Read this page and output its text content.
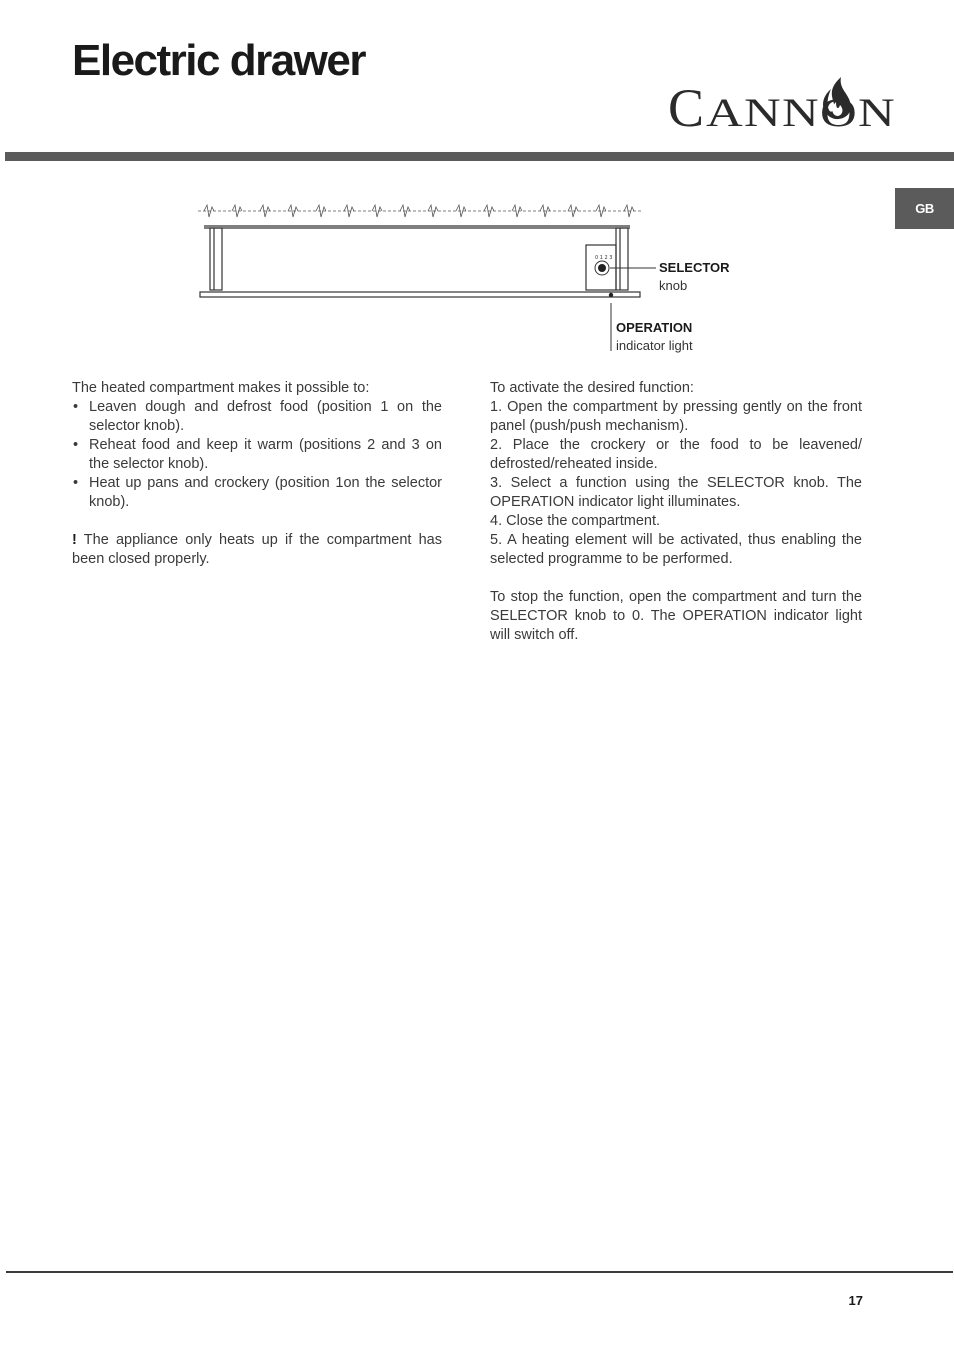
Electric drawer
C ANNON
GB
0 1 2 3
SELECTOR
knob
OPERATION
indicator light

The heated compartment makes it possible to:

• Leaven dough and defrost food (position 1 on the selector knob).
• Reheat food and keep it warm (positions 2 and 3 on the selector knob).
• Heat up pans and crockery (position 1on the selector knob).

! The appliance only heats up if the compartment has been closed properly.

To activate the desired function:

1. Open the compartment by pressing gently on the front panel (push/push mechanism).

2. Place the crockery or the food to be leavened/ defrosted/reheated inside.

3. Select a function using the SELECTOR knob. The OPERATION indicator light illuminates.

4. Close the compartment.

5. A heating element will be activated, thus enabling the selected programme to be performed.

To stop the function, open the compartment and turn the SELECTOR knob to 0. The OPERATION indicator light will switch off.

17
